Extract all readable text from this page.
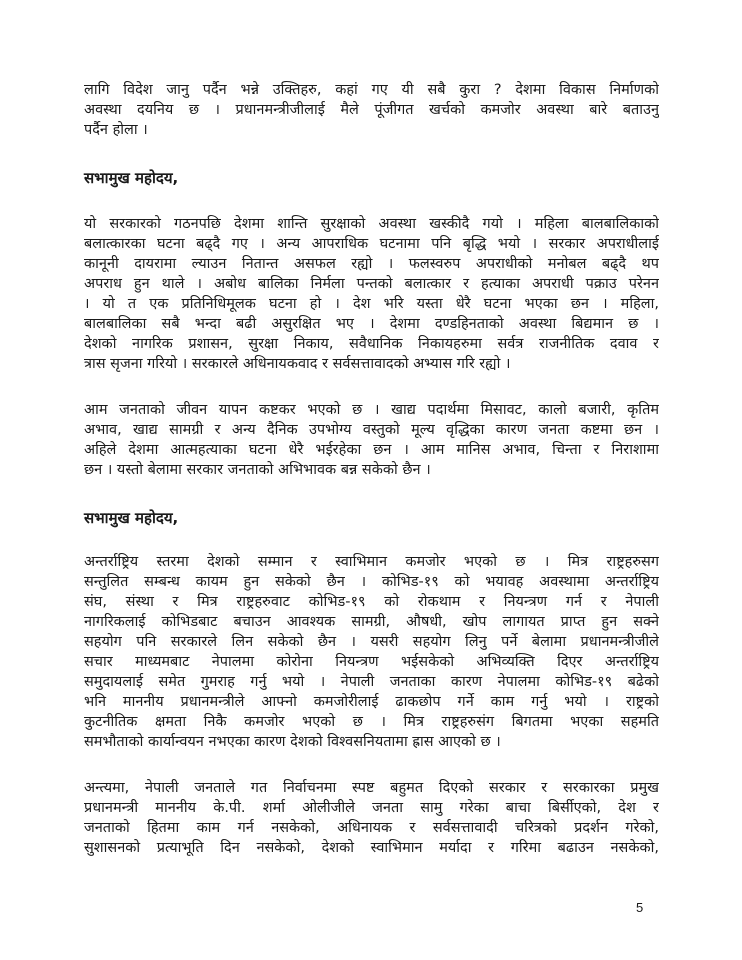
लागि विदेश जानु पर्दैन भन्ने उक्तिहरु, कहां गए यी सबै कुरा ? देशमा विकास निर्माणको
अवस्था दयनिय छ । प्रधानमन्त्रीजीलाई मैले पूंजीगत खर्चको कमजोर अवस्था बारे बताउनु
पर्दैन होला ।
सभामुख महोदय,
यो सरकारको गठनपछि देशमा शान्ति सुरक्षाको अवस्था खस्कीदै गयो । महिला बालबालिकाको
बलात्कारका घटना बढ्दै गए । अन्य आपराधिक घटनामा पनि बृद्धि भयो । सरकार अपराधीलाई
कानूनी दायरामा ल्याउन नितान्त असफल रह्यो । फलस्वरुप अपराधीको मनोबल बढ्दै थप
अपराध हुन थाले । अबोध बालिका निर्मला पन्तको बलात्कार र हत्याका अपराधी पक्राउ परेनन
। यो त एक प्रतिनिधिमूलक घटना हो । देश भरि यस्ता धेरै घटना भएका छन । महिला,
बालबालिका सबै भन्दा बढी असुरक्षित भए । देशमा दण्डहिनताको अवस्था बिद्यमान छ ।
देशको नागरिक प्रशासन, सुरक्षा निकाय, सवैधानिक निकायहरुमा सर्वत्र राजनीतिक दवाव र
त्रास सृजना गरियो । सरकारले अधिनायकवाद र सर्वसत्तावादको अभ्यास गरि रह्यो ।
आम जनताको जीवन यापन कष्टकर भएको छ । खाद्य पदार्थमा मिसावट, कालो बजारी, कृतिम
अभाव, खाद्य सामग्री र अन्य दैनिक उपभोग्य वस्तुको मूल्य वृद्धिका कारण जनता कष्टमा छन ।
अहिले देशमा आत्महत्याका घटना धेरै भईरहेका छन । आम मानिस अभाव, चिन्ता र निराशामा
छन । यस्तो बेलामा सरकार जनताको अभिभावक बन्न सकेको छैन ।
सभामुख महोदय,
अन्तर्राष्ट्रिय स्तरमा देशको सम्मान र स्वाभिमान कमजोर भएको छ । मित्र राष्ट्रहरुसग
सन्तुलित सम्बन्ध कायम हुन सकेको छैन । कोभिड-१९ को भयावह अवस्थामा अन्तर्राष्ट्रिय
संघ, संस्था र मित्र राष्ट्रहरुवाट कोभिड-१९ को रोकथाम र नियन्त्रण गर्न र नेपाली
नागरिकलाई कोभिडबाट बचाउन आवश्यक सामग्री, औषधी, खोप लागायत प्राप्त हुन सक्ने
सहयोग पनि सरकारले लिन सकेको छैन । यसरी सहयोग लिनु पर्ने बेलामा प्रधानमन्त्रीजीले
सचार माध्यमबाट नेपालमा कोरोना नियन्त्रण भईसकेको अभिव्यक्ति दिएर अन्तर्राष्ट्रिय
समुदायलाई समेत गुमराह गर्नु भयो । नेपाली जनताका कारण नेपालमा कोभिड-१९ बढेको
भनि माननीय प्रधानमन्त्रीले आफ्नो कमजोरीलाई ढाकछोप गर्ने काम गर्नु भयो । राष्ट्रको
कुटनीतिक क्षमता निकै कमजोर भएको छ । मित्र राष्ट्रहरुसंग बिगतमा भएका सहमति
समभौताको कार्यान्वयन नभएका कारण देशको विश्वसनियतामा ह्रास आएको छ ।
अन्त्यमा, नेपाली जनताले गत निर्वाचनमा स्पष्ट बहुमत दिएको सरकार र सरकारका प्रमुख
प्रधानमन्त्री माननीय के.पी. शर्मा ओलीजीले जनता सामु गरेका बाचा बिर्सीएको, देश र
जनताको हितमा काम गर्न नसकेको, अधिनायक र सर्वसत्तावादी चरित्रको प्रदर्शन गरेको,
सुशासनको प्रत्याभूति दिन नसकेको, देशको स्वाभिमान मर्यादा र गरिमा बढाउन नसकेको,
5
